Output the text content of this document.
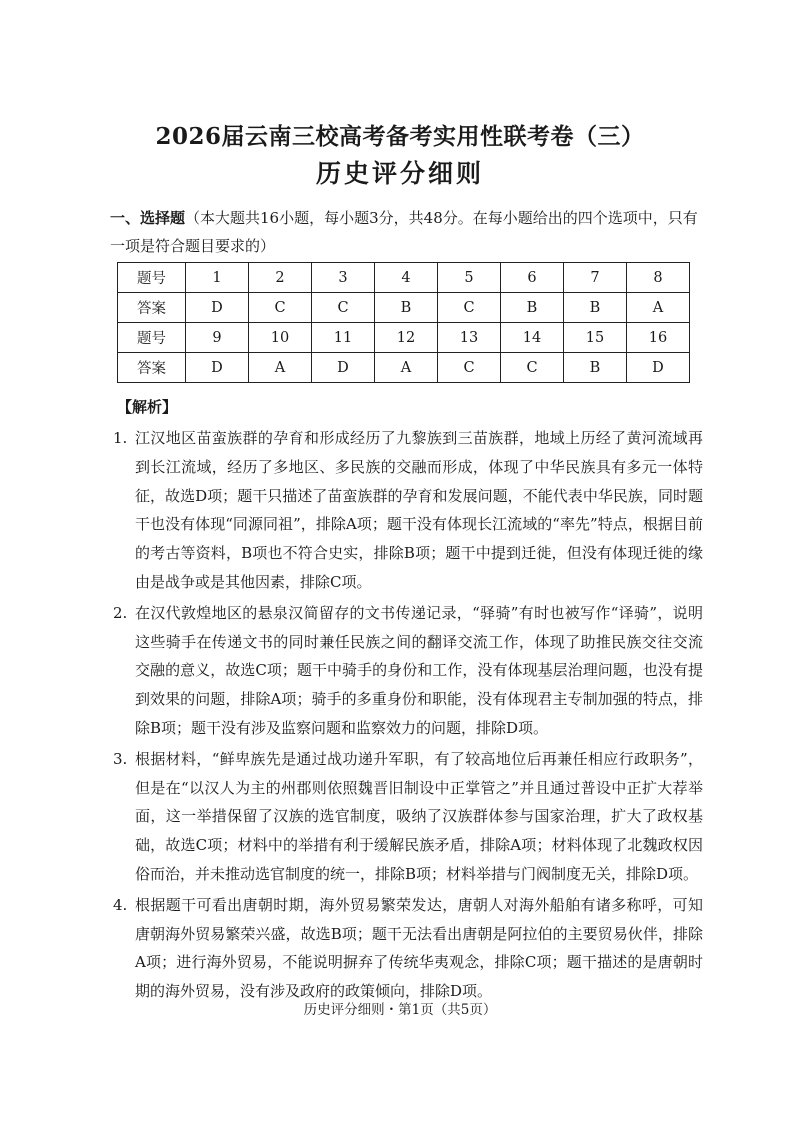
2026届云南三校高考备考实用性联考卷（三）
历史评分细则
一、选择题（本大题共16小题，每小题3分，共48分。在每小题给出的四个选项中，只有一项是符合题目要求的）
题号	1	2	3	4	5	6	7	8
答案	D	C	C	B	C	B	B	A
题号	9	10	11	12	13	14	15	16
答案	D	A	D	A	C	C	B	D
【解析】
1. 江汉地区苗蛮族群的孕育和形成经历了九黎族到三苗族群，地域上历经了黄河流域再到长江流域，经历了多地区、多民族的交融而形成，体现了中华民族具有多元一体特征，故选D项；题干只描述了苗蛮族群的孕育和发展问题，不能代表中华民族，同时题干也没有体现“同源同祖”，排除A项；题干没有体现长江流域的“率先”特点，根据目前的考古等资料，B项也不符合史实，排除B项；题干中提到迁徙，但没有体现迁徙的缘由是战争或是其他因素，排除C项。
2. 在汉代敦煌地区的悬泉汉简留存的文书传递记录，“驿骑”有时也被写作“译骑”，说明这些骑手在传递文书的同时兼任民族之间的翻译交流工作，体现了助推民族交往交流交融的意义，故选C项；题干中骑手的身份和工作，没有体现基层治理问题，也没有提到效果的问题，排除A项；骑手的多重身份和职能，没有体现君主专制加强的特点，排除B项；题干没有涉及监察问题和监察效力的问题，排除D项。
3. 根据材料，“鲜卑族先是通过战功递升军职，有了较高地位后再兼任相应行政职务”，但是在“以汉人为主的州郡则依照魏晋旧制设中正掌管之”并且通过普设中正扩大荐举面，这一举措保留了汉族的选官制度，吸纳了汉族群体参与国家治理，扩大了政权基础，故选C项；材料中的举措有利于缓解民族矛盾，排除A项；材料体现了北魏政权因俗而治，并未推动选官制度的统一，排除B项；材料举措与门阀制度无关，排除D项。
4. 根据题干可看出唐朝时期，海外贸易繁荣发达，唐朝人对海外船舶有诸多称呼，可知唐朝海外贸易繁荣兴盛，故选B项；题干无法看出唐朝是阿拉伯的主要贸易伙伴，排除A项；进行海外贸易，不能说明摒弃了传统华夷观念，排除C项；题干描述的是唐朝时期的海外贸易，没有涉及政府的政策倾向，排除D项。
历史评分细则・第1页（共5页）
